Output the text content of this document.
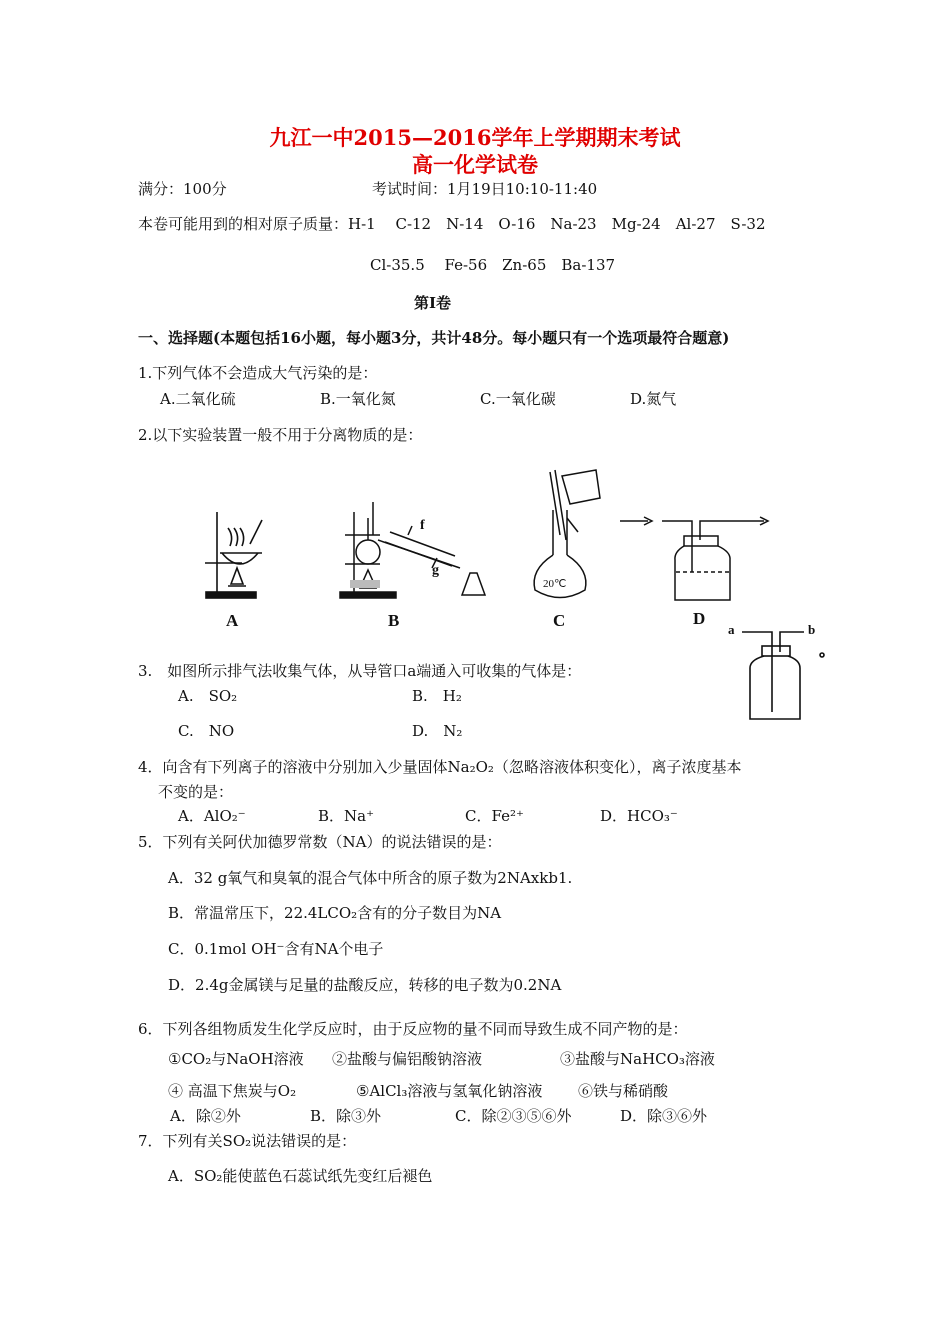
九江一中2015—2016学年上学期期末考试
高一化学试卷
满分：100分	考试时间：1月19日10:10-11:40
本卷可能用到的相对原子质量：H-1　 C-12　N-14　O-16　Na-23　Mg-24　Al-27　S-32
Cl-35.5　 Fe-56　Zn-65　Ba-137
第Ⅰ卷
一、选择题(本题包括16小题，每小题3分，共计48分。每小题只有一个选项最符合题意)
1.下列气体不会造成大气污染的是：
A.二氧化硫	B.一氧化氮	C.一氧化碳	D.氮气
2.以下实验装置一般不用于分离物质的是：
f
g
20℃
A	B	C	D
a	b
3.　如图所示排气法收集气体，从导管口a端通入可收集的气体是：
A.　SO₂	B.　H₂
C.　NO	D.　N₂
4．向含有下列离子的溶液中分别加入少量固体Na₂O₂（忽略溶液体积变化），离子浓度基本
不变的是：
A．AlO₂⁻	B．Na⁺	C．Fe²⁺	D．HCO₃⁻
5．下列有关阿伏加德罗常数（NA）的说法错误的是：
A．32 g氧气和臭氧的混合气体中所含的原子数为2NAxkb1.
B．常温常压下，22.4LCO₂含有的分子数目为NA
C．0.1mol OH⁻含有NA个电子
D．2.4g金属镁与足量的盐酸反应，转移的电子数为0.2NA
6．下列各组物质发生化学反应时，由于反应物的量不同而导致生成不同产物的是：
①CO₂与NaOH溶液 ②盐酸与偏铝酸钠溶液	③盐酸与NaHCO₃溶液
④ 高温下焦炭与O₂	⑤AlCl₃溶液与氢氧化钠溶液 ⑥铁与稀硝酸
A．除②外	B．除③外	C．除②③⑤⑥外	D．除③⑥外
7．下列有关SO₂说法错误的是：
A．SO₂能使蓝色石蕊试纸先变红后褪色
